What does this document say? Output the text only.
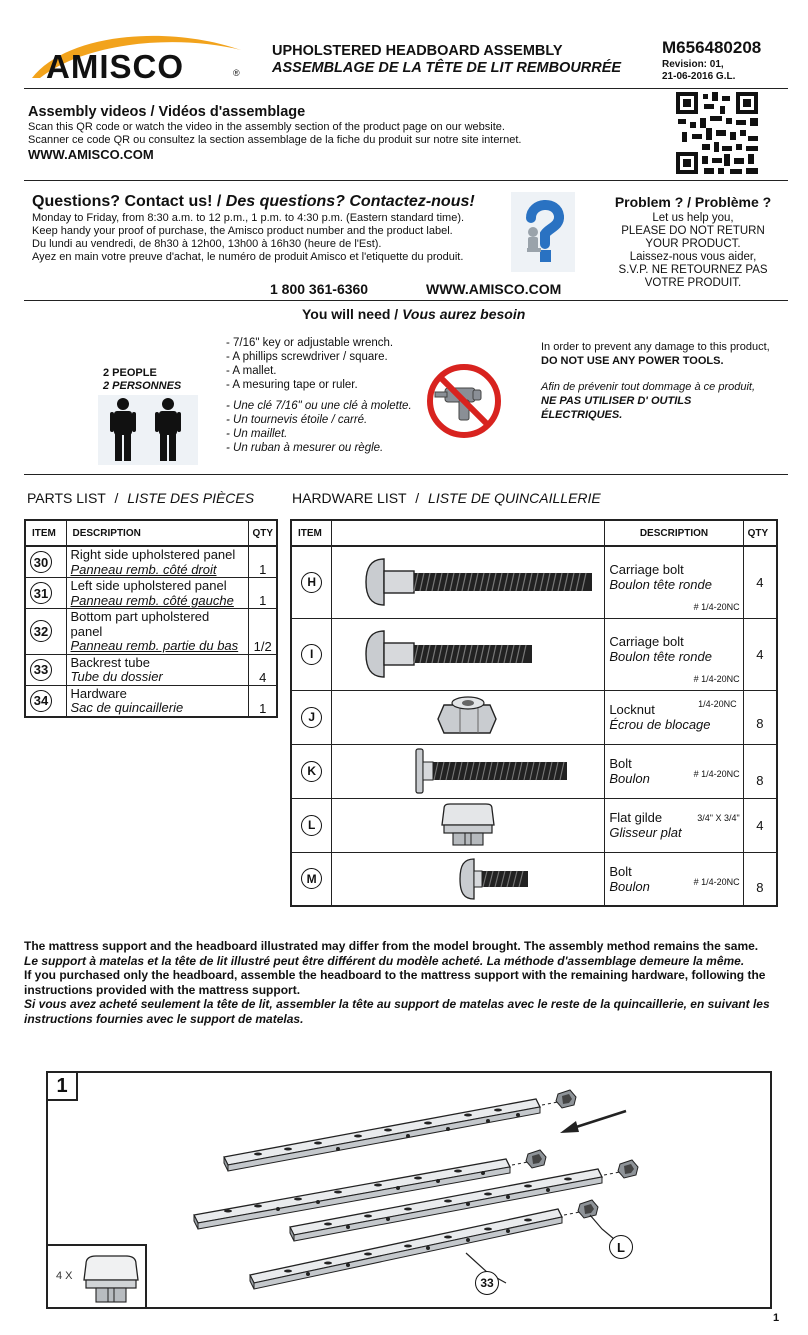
AMISCO	®
UPHOLSTERED HEADBOARD ASSEMBLY
ASSEMBLAGE DE LA TÊTE DE LIT REMBOURRÉE
M656480208
Revision: 01,
21-06-2016 G.L.
Assembly videos / Vidéos d'assemblage
Scan this QR code or watch the video in the assembly section of the product page on our website.
Scanner ce code QR ou consultez la section assemblage de la fiche du produit sur notre site internet.
WWW.AMISCO.COM
Questions? Contact us! / Des questions? Contactez-nous!
Monday to Friday, from 8:30 a.m. to 12 p.m., 1 p.m. to 4:30 p.m. (Eastern standard time).
Keep handy your proof of purchase, the Amisco product number and the product label.
Du lundi au vendredi, de 8h30 à 12h00, 13h00 à 16h30 (heure de l'Est).
Ayez en main votre preuve d'achat, le numéro de produit Amisco et l'etiquette du produit.
1 800 361-6360	WWW.AMISCO.COM
Problem ? / Problème ?
Let us help you,
PLEASE DO NOT RETURN
YOUR PRODUCT.
Laissez-nous vous aider,
S.V.P. NE RETOURNEZ PAS
VOTRE PRODUIT.
You will need / Vous aurez besoin
2 PEOPLE
2 PERSONNES
- 7/16" key or adjustable wrench.
- A phillips screwdriver / square.
- A mallet.
- A mesuring tape or ruler.
- Une clé 7/16" ou une clé à molette.
- Un tournevis étoile / carré.
- Un maillet.
- Un ruban à mesurer ou règle.
In order to prevent any damage to this product,
DO NOT USE ANY POWER TOOLS.
Afin de prévenir tout dommage à ce produit,
NE PAS UTILISER D' OUTILS
ÉLECTRIQUES.
PARTS LIST / LISTE DES PIÈCES
ITEM	DESCRIPTION	QTY
30	Right side upholstered panel
Panneau remb. côté droit	1
31	Left side upholstered panel
Panneau remb. côté gauche	1
32	Bottom part upholstered panel
Panneau remb. partie du bas	1/2
33	Backrest tube
Tube du dossier	4
34	Hardware
Sac de quincaillerie	1
HARDWARE LIST / LISTE DE QUINCAILLERIE
ITEM		DESCRIPTION	QTY
H		Carriage bolt
Boulon tête ronde
# 1/4-20NC	4
I		Carriage bolt
Boulon tête ronde
# 1/4-20NC	4
J		Locknut
Écrou de blocage
1/4-20NC	8
K		Bolt
Boulon # 1/4-20NC	8
L		Flat gilde
Glisseur plat
3/4" X 3/4"	4
M		Bolt
Boulon # 1/4-20NC	8
The mattress support and the headboard illustrated may differ from the model brought. The assembly method remains the same.
Le support à matelas et la tête de lit illustré peut être différent du modèle acheté. La méthode d'assemblage demeure la même.
If you purchased only the headboard, assemble the headboard to the mattress support with the remaining hardware, following the instructions provided with the mattress support.
Si vous avez acheté seulement la tête de lit, assembler la tête au support de matelas avec le reste de la quincaillerie, en suivant les instructions fournies avec le support de matelas.
1
4 X
L
33
1
